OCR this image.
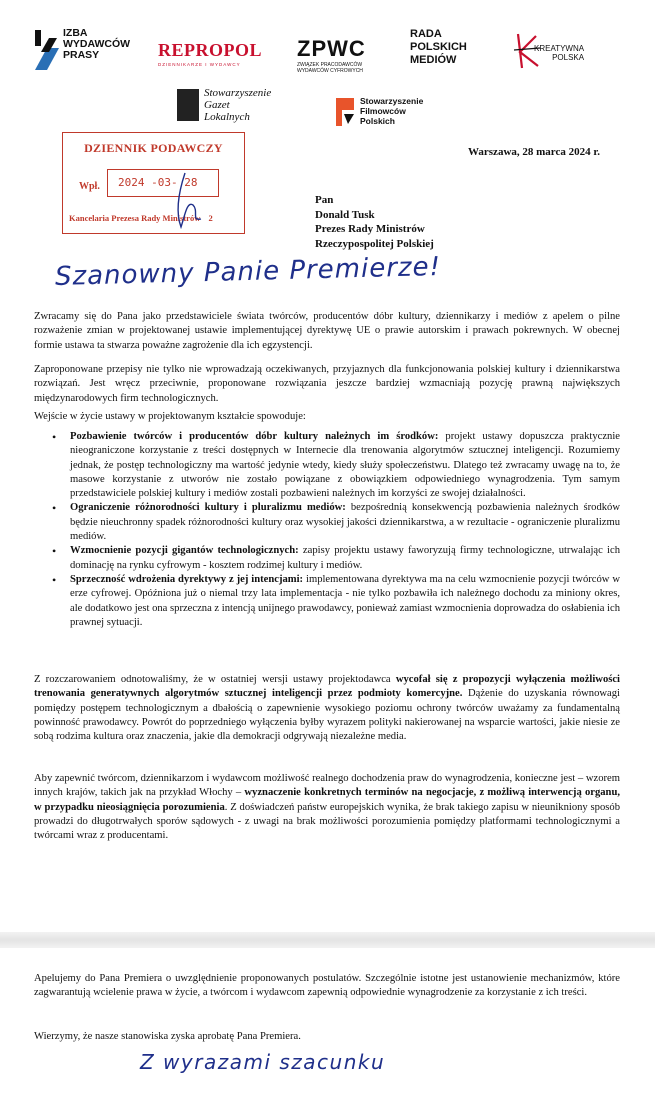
IZBA
WYDAWCÓW
PRASY	REPROPOL
DZIENNIKARZE I WYDAWCY
ZPWC
ZWIĄZEK PRACODAWCÓW WYDAWCÓW CYFROWYCH
RADA
POLSKICH
MEDIÓW
KREATYWNA
POLSKA
Stowarzyszenie
Gazet
Lokalnych
Stowarzyszenie
Filmowców
Polskich
DZIENNIK PODAWCZY
Wpł. 2024 -03- 28
Kancelaria Prezesa Rady Ministrów 2
Warszawa, 28 marca 2024 r.
Pan
Donald Tusk
Prezes Rady Ministrów
Rzeczypospolitej Polskiej
Szanowny Panie Premierze!

Zwracamy się do Pana jako przedstawiciele świata twórców, producentów dóbr kultury, dziennikarzy i mediów z apelem o pilne rozważenie zmian w projektowanej ustawie implementującej dyrektywę UE o prawie autorskim i prawach pokrewnych. W obecnej formie ustawa ta stwarza poważne zagrożenie dla ich egzystencji.

Zaproponowane przepisy nie tylko nie wprowadzają oczekiwanych, przyjaznych dla funkcjonowania polskiej kultury i dziennikarstwa rozwiązań. Jest wręcz przeciwnie, proponowane rozwiązania jeszcze bardziej wzmacniają pozycję prawną największych międzynarodowych firm technologicznych.

Wejście w życie ustawy w projektowanym kształcie spowoduje:

• Pozbawienie twórców i producentów dóbr kultury należnych im środków: projekt ustawy dopuszcza praktycznie nieograniczone korzystanie z treści dostępnych w Internecie dla trenowania algorytmów sztucznej inteligencji. Rozumiemy jednak, że postęp technologiczny ma wartość jedynie wtedy, kiedy służy społeczeństwu. Dlatego też zwracamy uwagę na to, że masowe korzystanie z utworów nie zostało powiązane z obowiązkiem odpowiedniego wynagrodzenia. Tym samym przedstawiciele polskiej kultury i mediów zostali pozbawieni należnych im korzyści ze swojej działalności.
• Ograniczenie różnorodności kultury i pluralizmu mediów: bezpośrednią konsekwencją pozbawienia należnych środków będzie nieuchronny spadek różnorodności kultury oraz wysokiej jakości dziennikarstwa, a w rezultacie - ograniczenie pluralizmu mediów.
• Wzmocnienie pozycji gigantów technologicznych: zapisy projektu ustawy faworyzują firmy technologiczne, utrwalając ich dominację na rynku cyfrowym - kosztem rodzimej kultury i mediów.
• Sprzeczność wdrożenia dyrektywy z jej intencjami: implementowana dyrektywa ma na celu wzmocnienie pozycji twórców w erze cyfrowej. Opóźniona już o niemal trzy lata implementacja - nie tylko pozbawiła ich należnego dochodu za miniony okres, ale dodatkowo jest ona sprzeczna z intencją unijnego prawodawcy, ponieważ zamiast wzmocnienia doprowadza do osłabienia ich prawnej sytuacji.

Z rozczarowaniem odnotowaliśmy, że w ostatniej wersji ustawy projektodawca wycofał się z propozycji wyłączenia możliwości trenowania generatywnych algorytmów sztucznej inteligencji przez podmioty komercyjne. Dążenie do uzyskania równowagi pomiędzy postępem technologicznym a dbałością o zapewnienie wysokiego poziomu ochrony twórców uważamy za fundamentalną powinność prawodawcy. Powrót do poprzedniego wyłączenia byłby wyrazem polityki nakierowanej na wsparcie wartości, jakie niesie ze sobą rodzima kultura oraz znaczenia, jakie dla demokracji odgrywają niezależne media.

Aby zapewnić twórcom, dziennikarzom i wydawcom możliwość realnego dochodzenia praw do wynagrodzenia, konieczne jest – wzorem innych krajów, takich jak na przykład Włochy – wyznaczenie konkretnych terminów na negocjacje, z możliwą interwencją organu, w przypadku nieosiągnięcia porozumienia. Z doświadczeń państw europejskich wynika, że brak takiego zapisu w nieunikniony sposób prowadzi do długotrwałych sporów sądowych - z uwagi na brak możliwości porozumienia pomiędzy platformami technologicznymi a twórcami wraz z producentami.

Apelujemy do Pana Premiera o uwzględnienie proponowanych postulatów. Szczególnie istotne jest ustanowienie mechanizmów, które zagwarantują wcielenie prawa w życie, a twórcom i wydawcom zapewnią odpowiednie wynagrodzenie za korzystanie z ich treści.

Wierzymy, że nasze stanowiska zyska aprobatę Pana Premiera.

Z wyrazami szacunku
